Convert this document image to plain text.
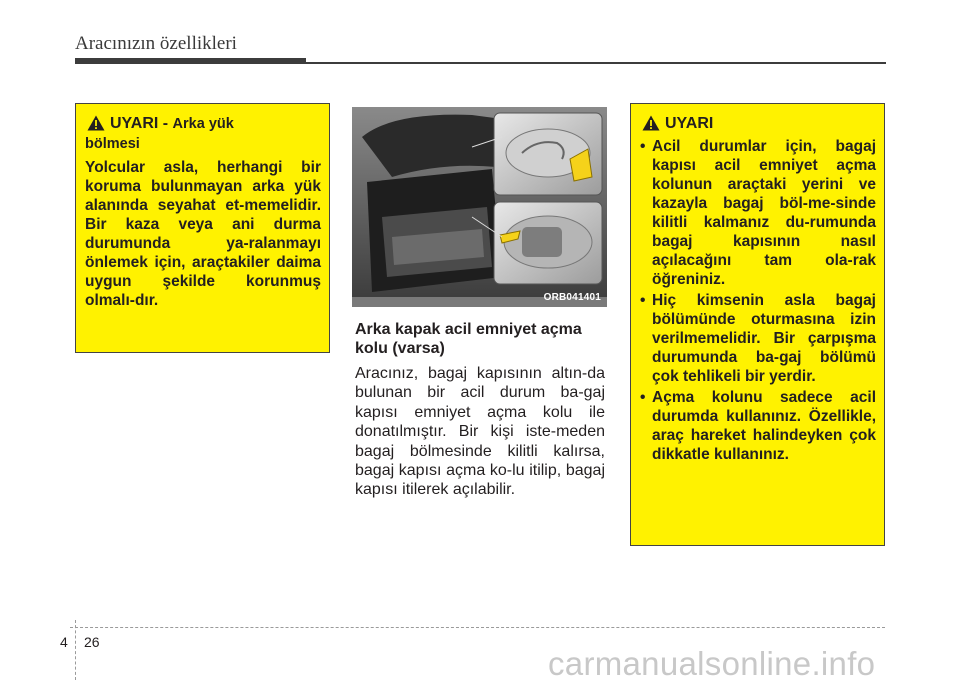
Aracınızın özellikleri
UYARI - Arka yük
bölmesi
Yolcular asla, herhangi bir koruma bulunmayan arka yük alanında seyahat et-memelidir. Bir kaza veya ani durma durumunda ya-ralanmayı önlemek için, araçtakiler daima uygun şekilde korunmuş olmalı-dır.	ORB041401
Arka kapak acil emniyet açma kolu (varsa)
Aracınız, bagaj kapısının altın-da bulunan bir acil durum ba-gaj kapısı emniyet açma kolu ile donatılmıştır. Bir kişi iste-meden bagaj bölmesinde kilitli kalırsa, bagaj kapısı açma ko-lu itilip, bagaj kapısı itilerek açılabilir.
UYARI
• Acil durumlar için, bagaj kapısı acil emniyet açma kolunun araçtaki yerini ve kazayla bagaj böl-me-sinde kilitli kalmanız du-rumunda bagaj kapısının nasıl açılacağını tam ola-rak öğreniniz.
• Hiç kimsenin asla bagaj bölümünde oturmasına izin verilmemelidir. Bir çarpışma durumunda ba-gaj bölümü çok tehlikeli bir yerdir.
• Açma kolunu sadece acil durumda kullanınız. Özellikle, araç hareket halindeyken çok dikkatle kullanınız.
4 26
carmanualsonline.info
